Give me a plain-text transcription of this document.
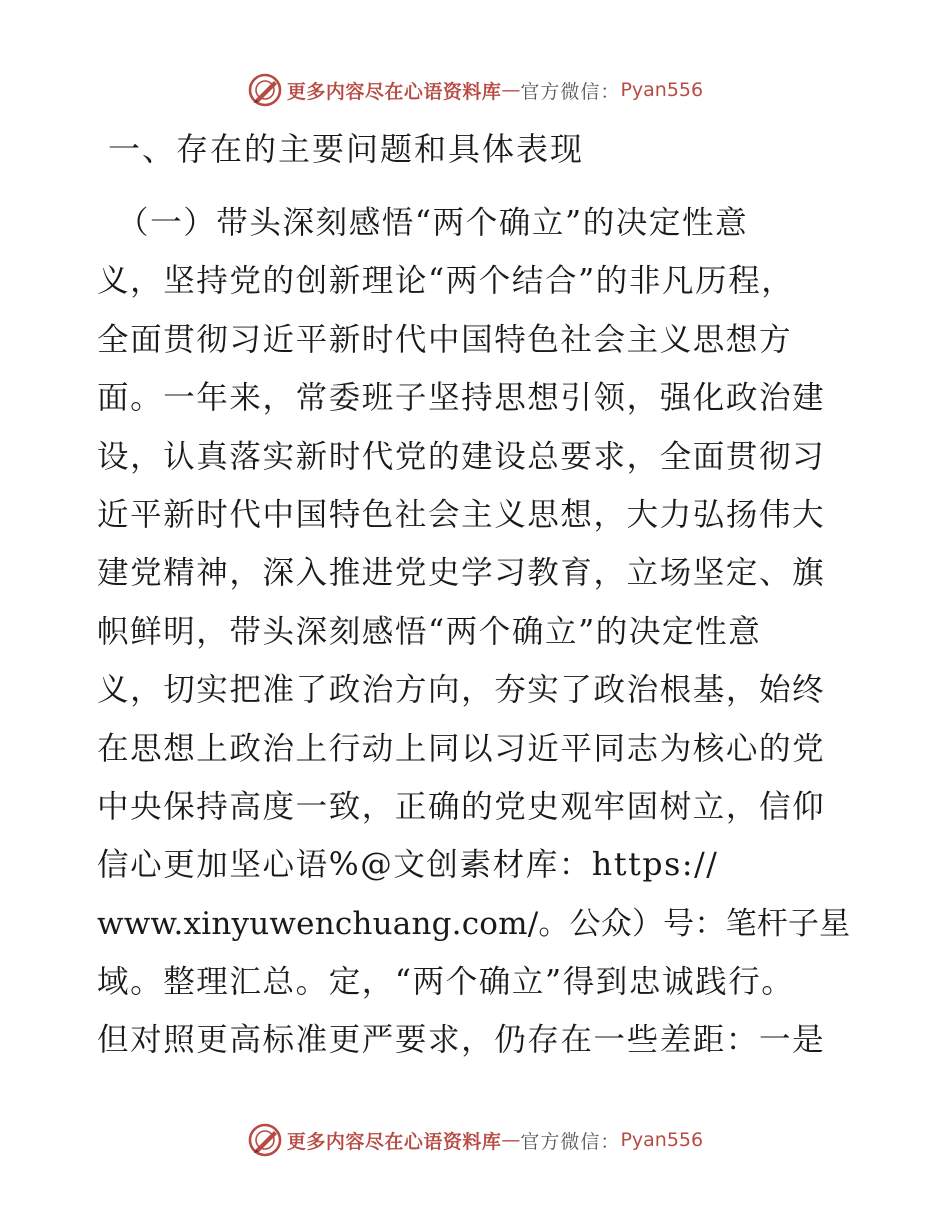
更多内容尽在心语资料库 — 官方微信： Pyan556
一、存在的主要问题和具体表现
（一）带头深刻感悟“两个确立”的决定性意
义，坚持党的创新理论“两个结合”的非凡历程，
全面贯彻习近平新时代中国特色社会主义思想方
面。一年来，常委班子坚持思想引领，强化政治建
设，认真落实新时代党的建设总要求，全面贯彻习
近平新时代中国特色社会主义思想，大力弘扬伟大
建党精神，深入推进党史学习教育，立场坚定、旗
帜鲜明，带头深刻感悟“两个确立”的决定性意
义，切实把准了政治方向，夯实了政治根基，始终
在思想上政治上行动上同以习近平同志为核心的党
中央保持高度一致，正确的党史观牢固树立，信仰
信心更加坚心语%@文创素材库：https://
www.xinyuwenchuang.com/。公众）号：笔杆子星
域。整理汇总。定，“两个确立”得到忠诚践行。
但对照更高标准更严要求，仍存在一些差距：一是
更多内容尽在心语资料库 — 官方微信： Pyan556
